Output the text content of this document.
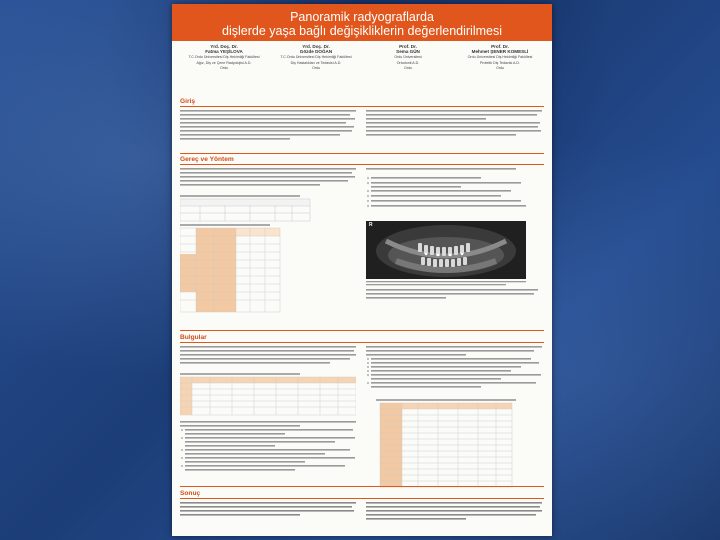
Panoramik radyograflarda
dişlerde yaşa bağlı değişikliklerin değerlendirilmesi
Yrd. Doç. Dr.
Fatma YEŞİLOVA
T.C.Ordu Üniversitesi Diş Hekimliği Fakültesi
Ağız, Diş ve Çene Radyolojisi A.D.
Ordu
Yrd. Doç. Dr.
Gözde DOĞAN
T.C.Ordu Üniversitesi Diş Hekimliği Fakültesi
Diş Hastalıkları ve Tedavisi A.D.
Ordu
Prof. Dr.
Sema GÜN
Ordu Üniversitesi
Ortodonti A.D.
Ordu
Prof. Dr.
Mehmet ŞENER KOMESLİ
Ordu Üniversitesi Diş Hekimliği Fakültesi
Protetik Diş Tedavisi A.D.
Ordu
Giriş
Gereç ve Yöntem

R
Bulgular

Sonuç
